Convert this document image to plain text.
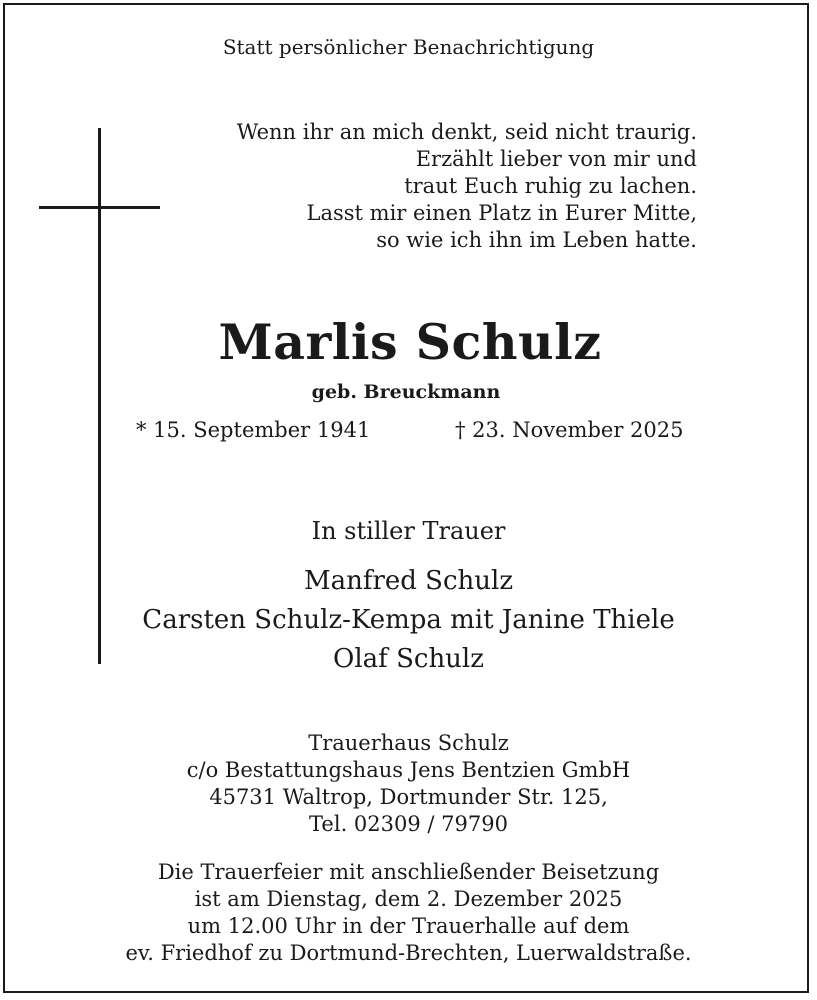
Statt persönlicher Benachrichtigung
Wenn ihr an mich denkt, seid nicht traurig.
Erzählt lieber von mir und
traut Euch ruhig zu lachen.
Lasst mir einen Platz in Eurer Mitte,
so wie ich ihn im Leben hatte.
Marlis Schulz
geb. Breuckmann
* 15. September 1941	† 23. November 2025
In stiller Trauer
Manfred Schulz
Carsten Schulz-Kempa mit Janine Thiele
Olaf Schulz
Trauerhaus Schulz
c/o Bestattungshaus Jens Bentzien GmbH
45731 Waltrop, Dortmunder Str. 125,
Tel. 02309 / 79790
Die Trauerfeier mit anschließender Beisetzung
ist am Dienstag, dem 2. Dezember 2025
um 12.00 Uhr in der Trauerhalle auf dem
ev. Friedhof zu Dortmund-Brechten, Luerwaldstraße.
